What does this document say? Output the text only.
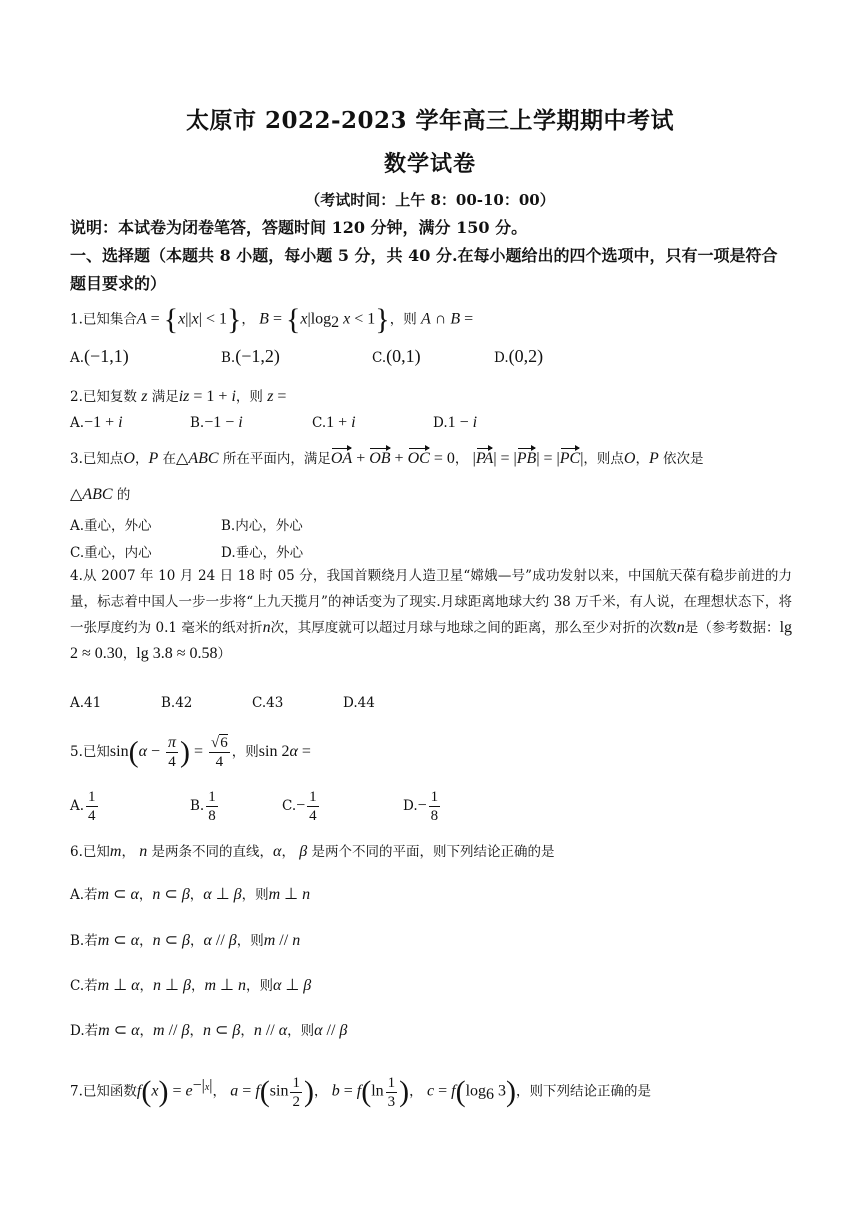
太原市 2022-2023 学年高三上学期期中考试
数学试卷
（考试时间：上午 8：00-10：00）
说明：本试卷为闭卷笔答，答题时间 120 分钟，满分 150 分。
一、选择题（本题共 8 小题，每小题 5 分，共 40 分.在每小题给出的四个选项中，只有一项是符合题目要求的）
1.已知集合A = {x||x| < 1}， $B = \{x|\log_2$ x < 1}，则 A ∩ B =
A.(−1,1)	B.(−1,2)	C.(0,1)	D.(0,2)
2.已知复数 z 满足iz = 1 + i，则 z =
A.−1 + i	B.−1 − i	C.1 + i	D.1 − i
3.已知点O，P 在△ABC 所在平面内，满足OA + OB + OC = 0， |PA| = |PB| = |PC|，则点O，P 依次是
△ABC 的
A.重心，外心	B.内心，外心
C.重心，内心	D.垂心，外心
4.从 2007 年 10 月 24 日 18 时 05 分，我国首颗绕月人造卫星“嫦娥—号”成功发射以来，中国航天葆有稳步前进的力量，标志着中国人一步一步将“上九天揽月”的神话变为了现实.月球距离地球大约 38 万千米，有人说，在理想状态下，将一张厚度约为 0.1 毫米的纸对折n次，其厚度就可以超过月球与地球之间的距离，那么至少对折的次数n是（参考数据：lg 2 ≈ 0.30，lg 3.8 ≈ 0.58）
A.41	B.42	C.43	D.44
5.已知$\sin(\alpha - \frac{\pi}{4}$ ) = $\frac{√6}{4}$ ，则sin 2α =
A. $\frac{1}{4}$	B. $\frac{1}{8}$	$C.- \frac{1}{4}$	$D.- \frac{1}{8}$
6.已知m， n 是两条不同的直线，α， β 是两个不同的平面，则下列结论正确的是
A.若m ⊂ α，n ⊂ β，α ⊥ β，则m ⊥ n
B.若m ⊂ α，n ⊂ β，α // β，则m // n
C.若m ⊥ α，n ⊥ β，m ⊥ n，则α ⊥ β
D.若m ⊂ α，m // β，n ⊂ β，n // α，则α // β
7.已知函数$f(x) = e^{-|x|}$， $a = f(\sin \frac{1}{2}$ )， $b = f(\ln \frac{1}{3}$ )， $c = f(\log_6$ 3)，则下列结论正确的是
